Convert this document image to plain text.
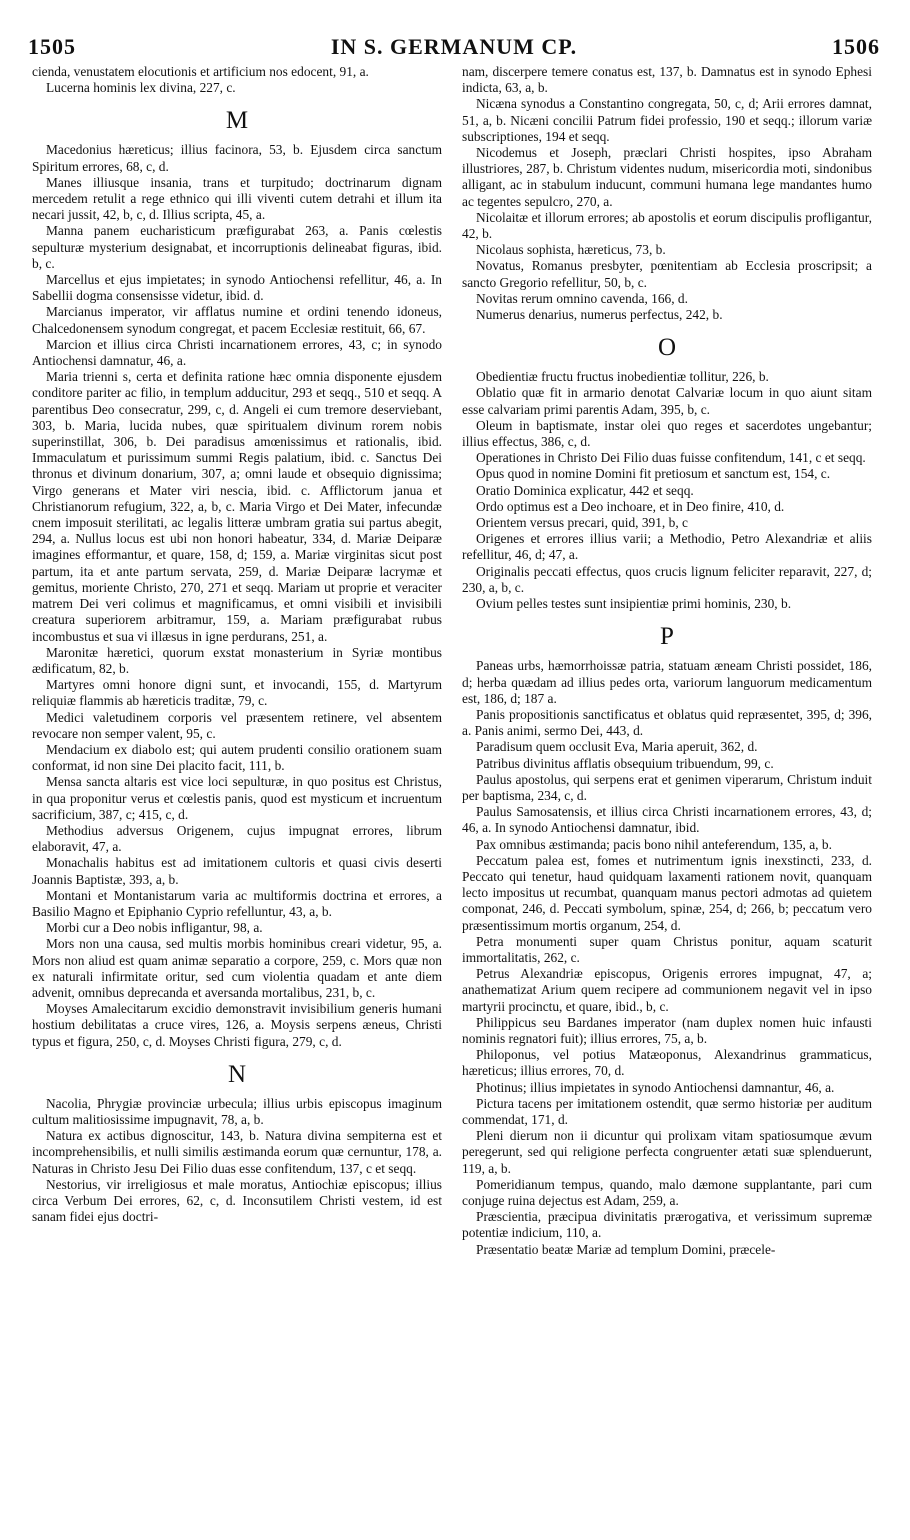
1505	IN S. GERMANUM CP.	1506

cienda, venustatem elocutionis et artificium nos edocent, 91, a.

Lucerna hominis lex divina, 227, c.

M

Macedonius hæreticus; illius facinora, 53, b. Ejusdem circa sanctum Spiritum errores, 68, c, d.

Manes illiusque insania, trans et turpitudo; doctrinarum dignam mercedem retulit a rege ethnico qui illi viventi cutem detrahi et illum ita necari jussit, 42, b, c, d. Illius scripta, 45, a.

Manna panem eucharisticum præfigurabat 263, a. Panis cœlestis sepulturæ mysterium designabat, et incorruptionis delineabat figuras, ibid. b, c.

Marcellus et ejus impietates; in synodo Antiochensi refellitur, 46, a. In Sabellii dogma consensisse videtur, ibid. d.

Marcianus imperator, vir afflatus numine et ordini tenendo idoneus, Chalcedonensem synodum congregat, et pacem Ecclesiæ restituit, 66, 67.

Marcion et illius circa Christi incarnationem errores, 43, c; in synodo Antiochensi damnatur, 46, a.

Maria trienni s, certa et definita ratione hæc omnia disponente ejusdem conditore pariter ac filio, in templum adducitur, 293 et seqq., 510 et seqq. A parentibus Deo consecratur, 299, c, d. Angeli ei cum tremore deserviebant, 303, b. Maria, lucida nubes, quæ spiritualem divinum rorem nobis superinstillat, 306, b. Dei paradisus amœnissimus et rationalis, ibid. Immaculatum et purissimum summi Regis palatium, ibid. c. Sanctus Dei thronus et divinum donarium, 307, a; omni laude et obsequio dignissima; Virgo generans et Mater viri nescia, ibid. c. Afflictorum janua et Christianorum refugium, 322, a, b, c. Maria Virgo et Dei Mater, infecundæ cnem imposuit sterilitati, ac legalis litteræ umbram gratia sui partus abegit, 294, a. Nullus locus est ubi non honori habeatur, 334, d. Mariæ Deiparæ imagines efformantur, et quare, 158, d; 159, a. Mariæ virginitas sicut post partum, ita et ante partum servata, 259, d. Mariæ Deiparæ lacrymæ et gemitus, moriente Christo, 270, 271 et seqq. Mariam ut proprie et veraciter matrem Dei veri colimus et magnificamus, et omni visibili et invisibili creatura superiorem arbitramur, 159, a. Mariam præfigurabat rubus incombustus et sua vi illæsus in igne perdurans, 251, a.

Maronitæ hæretici, quorum exstat monasterium in Syriæ montibus ædificatum, 82, b.

Martyres omni honore digni sunt, et invocandi, 155, d. Martyrum reliquiæ flammis ab hæreticis traditæ, 79, c.

Medici valetudinem corporis vel præsentem retinere, vel absentem revocare non semper valent, 95, c.

Mendacium ex diabolo est; qui autem prudenti consilio orationem suam conformat, id non sine Dei placito facit, 111, b.

Mensa sancta altaris est vice loci sepulturæ, in quo positus est Christus, in qua proponitur verus et cœlestis panis, quod est mysticum et incruentum sacrificium, 387, c; 415, c, d.

Methodius adversus Origenem, cujus impugnat errores, librum elaboravit, 47, a.

Monachalis habitus est ad imitationem cultoris et quasi civis deserti Joannis Baptistæ, 393, a, b.

Montani et Montanistarum varia ac multiformis doctrina et errores, a Basilio Magno et Epiphanio Cyprio refelluntur, 43, a, b.

Morbi cur a Deo nobis infligantur, 98, a.

Mors non una causa, sed multis morbis hominibus creari videtur, 95, a. Mors non aliud est quam animæ separatio a corpore, 259, c. Mors quæ non ex naturali infirmitate oritur, sed cum violentia quadam et ante diem advenit, omnibus deprecanda et aversanda mortalibus, 231, b, c.

Moyses Amalecitarum excidio demonstravit invisibilium generis humani hostium debilitatas a cruce vires, 126, a. Moysis serpens æneus, Christi typus et figura, 250, c, d. Moyses Christi figura, 279, c, d.

N

Nacolia, Phrygiæ provinciæ urbecula; illius urbis episcopus imaginum cultum malitiosissime impugnavit, 78, a, b.

Natura ex actibus dignoscitur, 143, b. Natura divina sempiterna est et incomprehensibilis, et nulli similis æstimanda eorum quæ cernuntur, 178, a. Naturas in Christo Jesu Dei Filio duas esse confitendum, 137, c et seqq.

Nestorius, vir irreligiosus et male moratus, Antiochiæ episcopus; illius circa Verbum Dei errores, 62, c, d. Inconsutilem Christi vestem, id est sanam fidei ejus doctri-

nam, discerpere temere conatus est, 137, b. Damnatus est in synodo Ephesi indicta, 63, a, b.

Nicæna synodus a Constantino congregata, 50, c, d; Arii errores damnat, 51, a, b. Nicæni concilii Patrum fidei professio, 190 et seqq.; illorum variæ subscriptiones, 194 et seqq.

Nicodemus et Joseph, præclari Christi hospites, ipso Abraham illustriores, 287, b. Christum videntes nudum, misericordia moti, sindonibus alligant, ac in stabulum inducunt, communi humana lege mandantes humo ac tegentes sepulcro, 270, a.

Nicolaitæ et illorum errores; ab apostolis et eorum discipulis profligantur, 42, b.

Nicolaus sophista, hæreticus, 73, b.

Novatus, Romanus presbyter, pœnitentiam ab Ecclesia proscripsit; a sancto Gregorio refellitur, 50, b, c.

Novitas rerum omnino cavenda, 166, d.

Numerus denarius, numerus perfectus, 242, b.

O

Obedientiæ fructu fructus inobedientiæ tollitur, 226, b.

Oblatio quæ fit in armario denotat Calvariæ locum in quo aiunt sitam esse calvariam primi parentis Adam, 395, b, c.

Oleum in baptismate, instar olei quo reges et sacerdotes ungebantur; illius effectus, 386, c, d.

Operationes in Christo Dei Filio duas fuisse confitendum, 141, c et seqq.

Opus quod in nomine Domini fit pretiosum et sanctum est, 154, c.

Oratio Dominica explicatur, 442 et seqq.

Ordo optimus est a Deo inchoare, et in Deo finire, 410, d.

Orientem versus precari, quid, 391, b, c

Origenes et errores illius varii; a Methodio, Petro Alexandriæ et aliis refellitur, 46, d; 47, a.

Originalis peccati effectus, quos crucis lignum feliciter reparavit, 227, d; 230, a, b, c.

Ovium pelles testes sunt insipientiæ primi hominis, 230, b.

P

Paneas urbs, hæmorrhoissæ patria, statuam æneam Christi possidet, 186, d; herba quædam ad illius pedes orta, variorum languorum medicamentum est, 186, d; 187 a.

Panis propositionis sanctificatus et oblatus quid repræsentet, 395, d; 396, a. Panis animi, sermo Dei, 443, d.

Paradisum quem occlusit Eva, Maria aperuit, 362, d.

Patribus divinitus afflatis obsequium tribuendum, 99, c.

Paulus apostolus, qui serpens erat et genimen viperarum, Christum induit per baptisma, 234, c, d.

Paulus Samosatensis, et illius circa Christi incarnationem errores, 43, d; 46, a. In synodo Antiochensi damnatur, ibid.

Pax omnibus æstimanda; pacis bono nihil anteferendum, 135, a, b.

Peccatum palea est, fomes et nutrimentum ignis inexstincti, 233, d. Peccato qui tenetur, haud quidquam laxamenti rationem novit, quanquam lecto impositus ut recumbat, quanquam manus pectori admotas ad quietem componat, 246, d. Peccati symbolum, spinæ, 254, d; 266, b; peccatum vero præsentissimum mortis organum, 254, d.

Petra monumenti super quam Christus ponitur, aquam scaturit immortalitatis, 262, c.

Petrus Alexandriæ episcopus, Origenis errores impugnat, 47, a; anathematizat Arium quem recipere ad communionem negavit vel in ipso martyrii procinctu, et quare, ibid., b, c.

Philippicus seu Bardanes imperator (nam duplex nomen huic infausti nominis regnatori fuit); illius errores, 75, a, b.

Philoponus, vel potius Matæoponus, Alexandrinus grammaticus, hæreticus; illius errores, 70, d.

Photinus; illius impietates in synodo Antiochensi damnantur, 46, a.

Pictura tacens per imitationem ostendit, quæ sermo historiæ per auditum commendat, 171, d.

Pleni dierum non ii dicuntur qui prolixam vitam spatiosumque ævum peregerunt, sed qui religione perfecta congruenter ætati suæ splenduerunt, 119, a, b.

Pomeridianum tempus, quando, malo dæmone supplantante, pari cum conjuge ruina dejectus est Adam, 259, a.

Præscientia, præcipua divinitatis prærogativa, et verissimum supremæ potentiæ indicium, 110, a.

Præsentatio beatæ Mariæ ad templum Domini, præcele-
